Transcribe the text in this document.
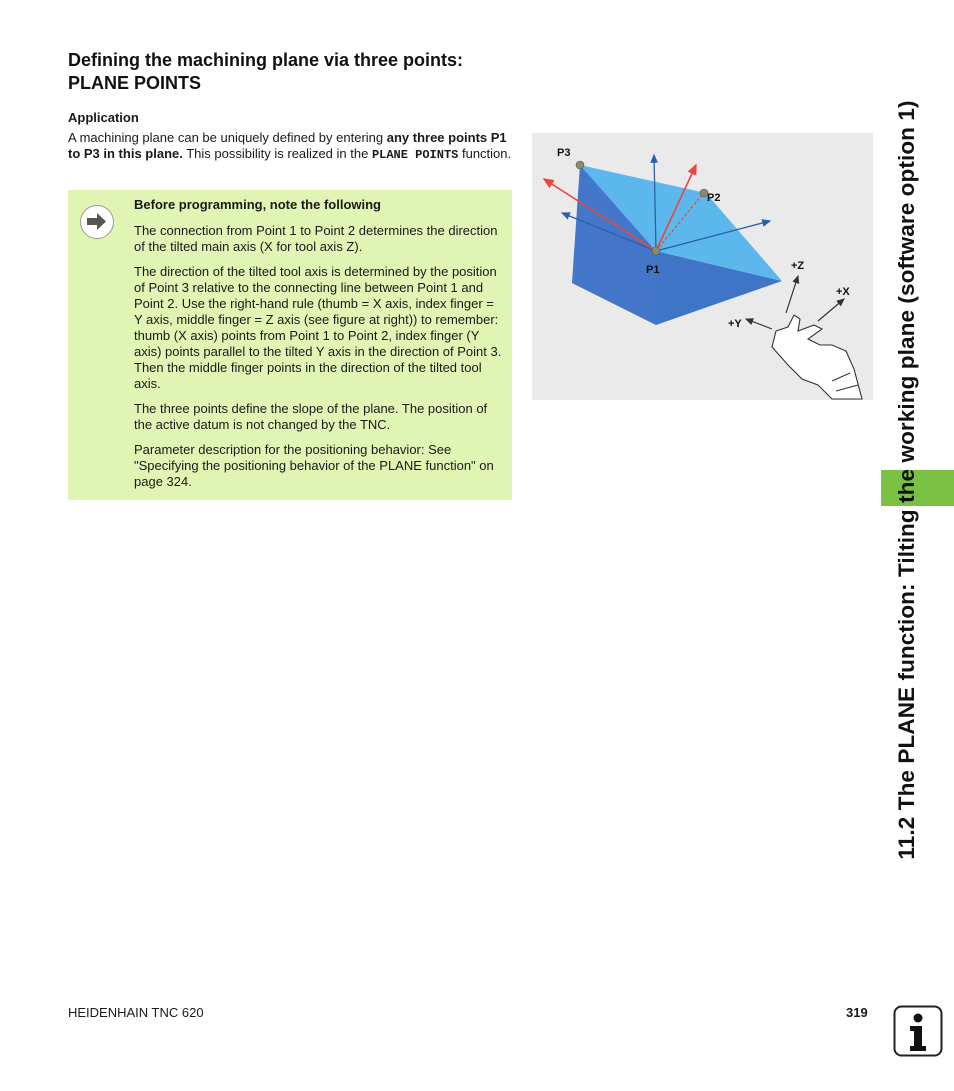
Defining the machining plane via three points:
PLANE POINTS
Application
A machining plane can be uniquely defined by entering any three points P1 to P3 in this plane. This possibility is realized in the PLANE POINTS function.

Before programming, note the following

The connection from Point 1 to Point 2 determines the direction of the tilted main axis (X for tool axis Z).

The direction of the tilted tool axis is determined by the position of Point 3 relative to the connecting line between Point 1 and Point 2. Use the right-hand rule (thumb = X axis, index finger = Y axis, middle finger = Z axis (see figure at right)) to remember: thumb (X axis) points from Point 1 to Point 2, index finger (Y axis) points parallel to the tilted Y axis in the direction of Point 3. Then the middle finger points in the direction of the tilted tool axis.

The three points define the slope of the plane. The position of the active datum is not changed by the TNC.

Parameter description for the positioning behavior: See "Specifying the positioning behavior of the PLANE function" on page 324.

P3
P2
P1	+Z
+X
+Y	11.2 The PLANE function: Tilting the working plane (software option 1)
HEIDENHAIN TNC 620	319
